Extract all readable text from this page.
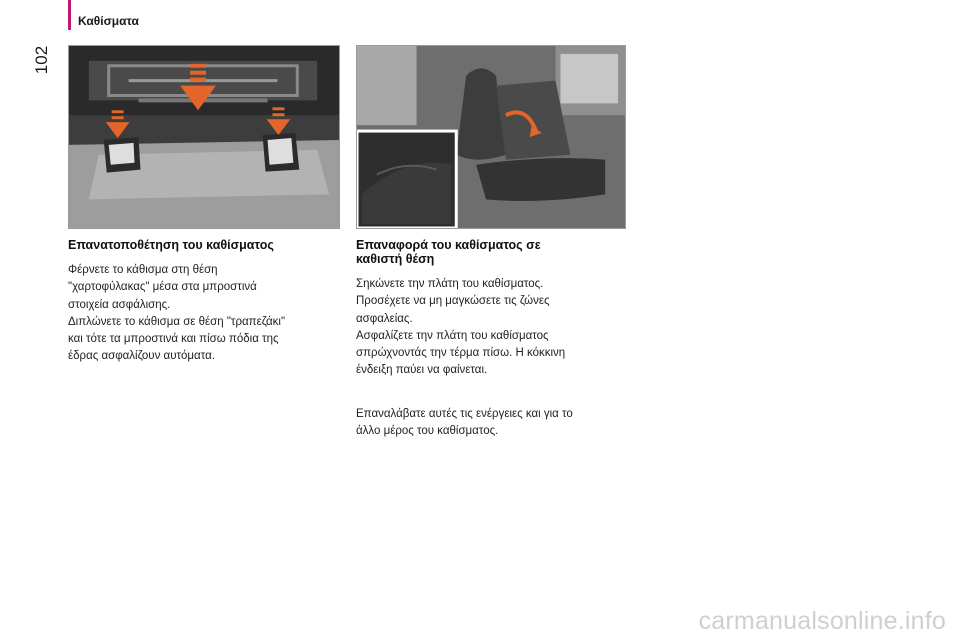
Καθίσματα
102
Επανατοποθέτηση του καθίσματος

Φέρνετε το κάθισμα στη θέση

"χαρτοφύλακας" μέσα στα μπροστινά

στοιχεία ασφάλισης.

Διπλώνετε το κάθισμα σε θέση "τραπεζάκι"

και τότε τα μπροστινά και πίσω πόδια της

έδρας ασφαλίζουν αυτόματα.

Επαναφορά του καθίσματος σε
καθιστή θέση

Σηκώνετε την πλάτη του καθίσματος.

Προσέχετε να μη μαγκώσετε τις ζώνες

ασφαλείας.

Ασφαλίζετε την πλάτη του καθίσματος

σπρώχνοντάς την τέρμα πίσω. Η κόκκινη

ένδειξη παύει να φαίνεται.

Επαναλάβατε αυτές τις ενέργειες και για το

άλλο μέρος του καθίσματος.

carmanualsonline.info
